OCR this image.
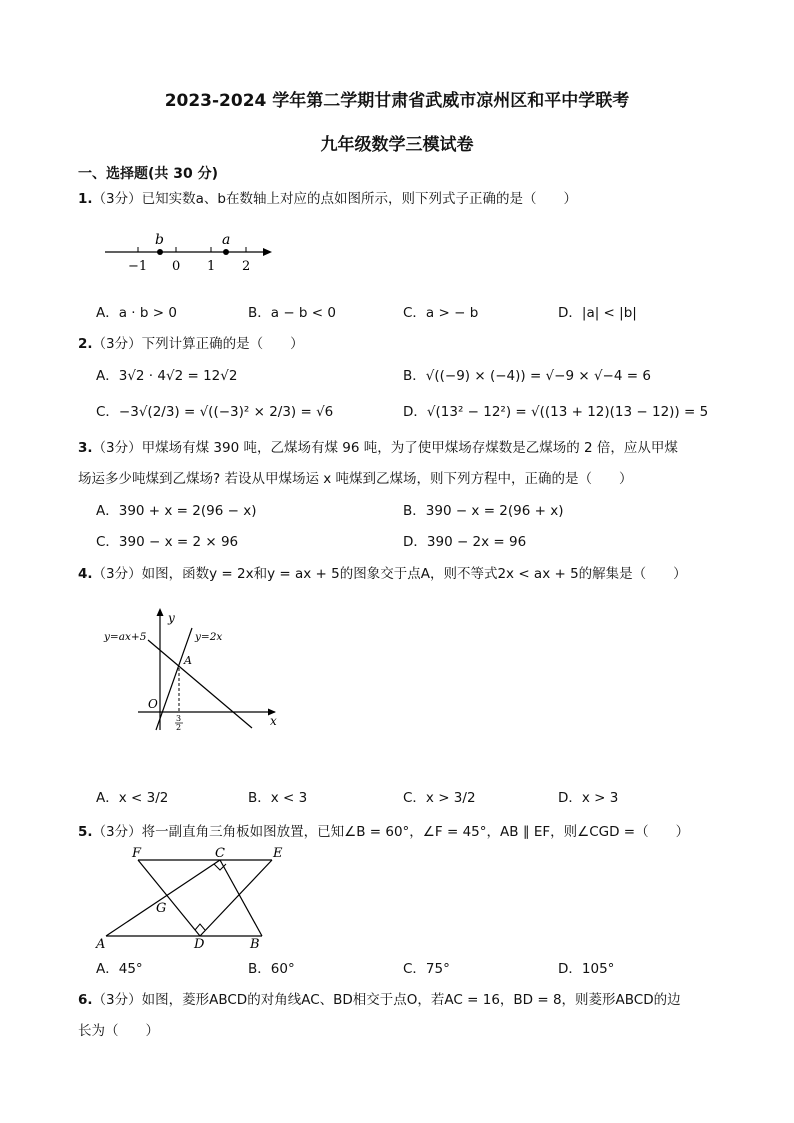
2023-2024 学年第二学期甘肃省武威市凉州区和平中学联考
九年级数学三模试卷
一、选择题(共 30 分)
1.（3分）已知实数a、b在数轴上对应的点如图所示，则下列式子正确的是（　　）
b	a
−1 0 1 2
A．a · b > 0	B．a − b < 0	C．a > − b	D．|a| < |b|
2.（3分）下列计算正确的是（　　）
A．3√2 · 4√2 = 12√2	B．√((−9) × (−4)) = √−9 × √−4 = 6
C．−3√(2/3) = √((−3)² × 2/3) = √6	D．√(13² − 12²) = √((13 + 12)(13 − 12)) = 5
3.（3分）甲煤场有煤 390 吨，乙煤场有煤 96 吨，为了使甲煤场存煤数是乙煤场的 2 倍，应从甲煤
场运多少吨煤到乙煤场? 若设从甲煤场运 x 吨煤到乙煤场，则下列方程中，正确的是（　　）
A．390 + x = 2(96 − x)	B．390 − x = 2(96 + x)
C．390 − x = 2 × 96	D．390 − 2x = 96
4.（3分）如图，函数y = 2x和y = ax + 5的图象交于点A，则不等式2x < ax + 5的解集是（　　）
y
x
O
A
y=ax+5	y=2x
3
2
A．x < 3/2	B．x < 3	C．x > 3/2	D．x > 3
5.（3分）将一副直角三角板如图放置，已知∠B = 60°，∠F = 45°，AB ∥ EF，则∠CGD =（　　）
F	C	E
G
A	D	B
A．45°	B．60°	C．75°	D．105°
6.（3分）如图，菱形ABCD的对角线AC、BD相交于点O，若AC = 16，BD = 8，则菱形ABCD的边
长为（　　）
